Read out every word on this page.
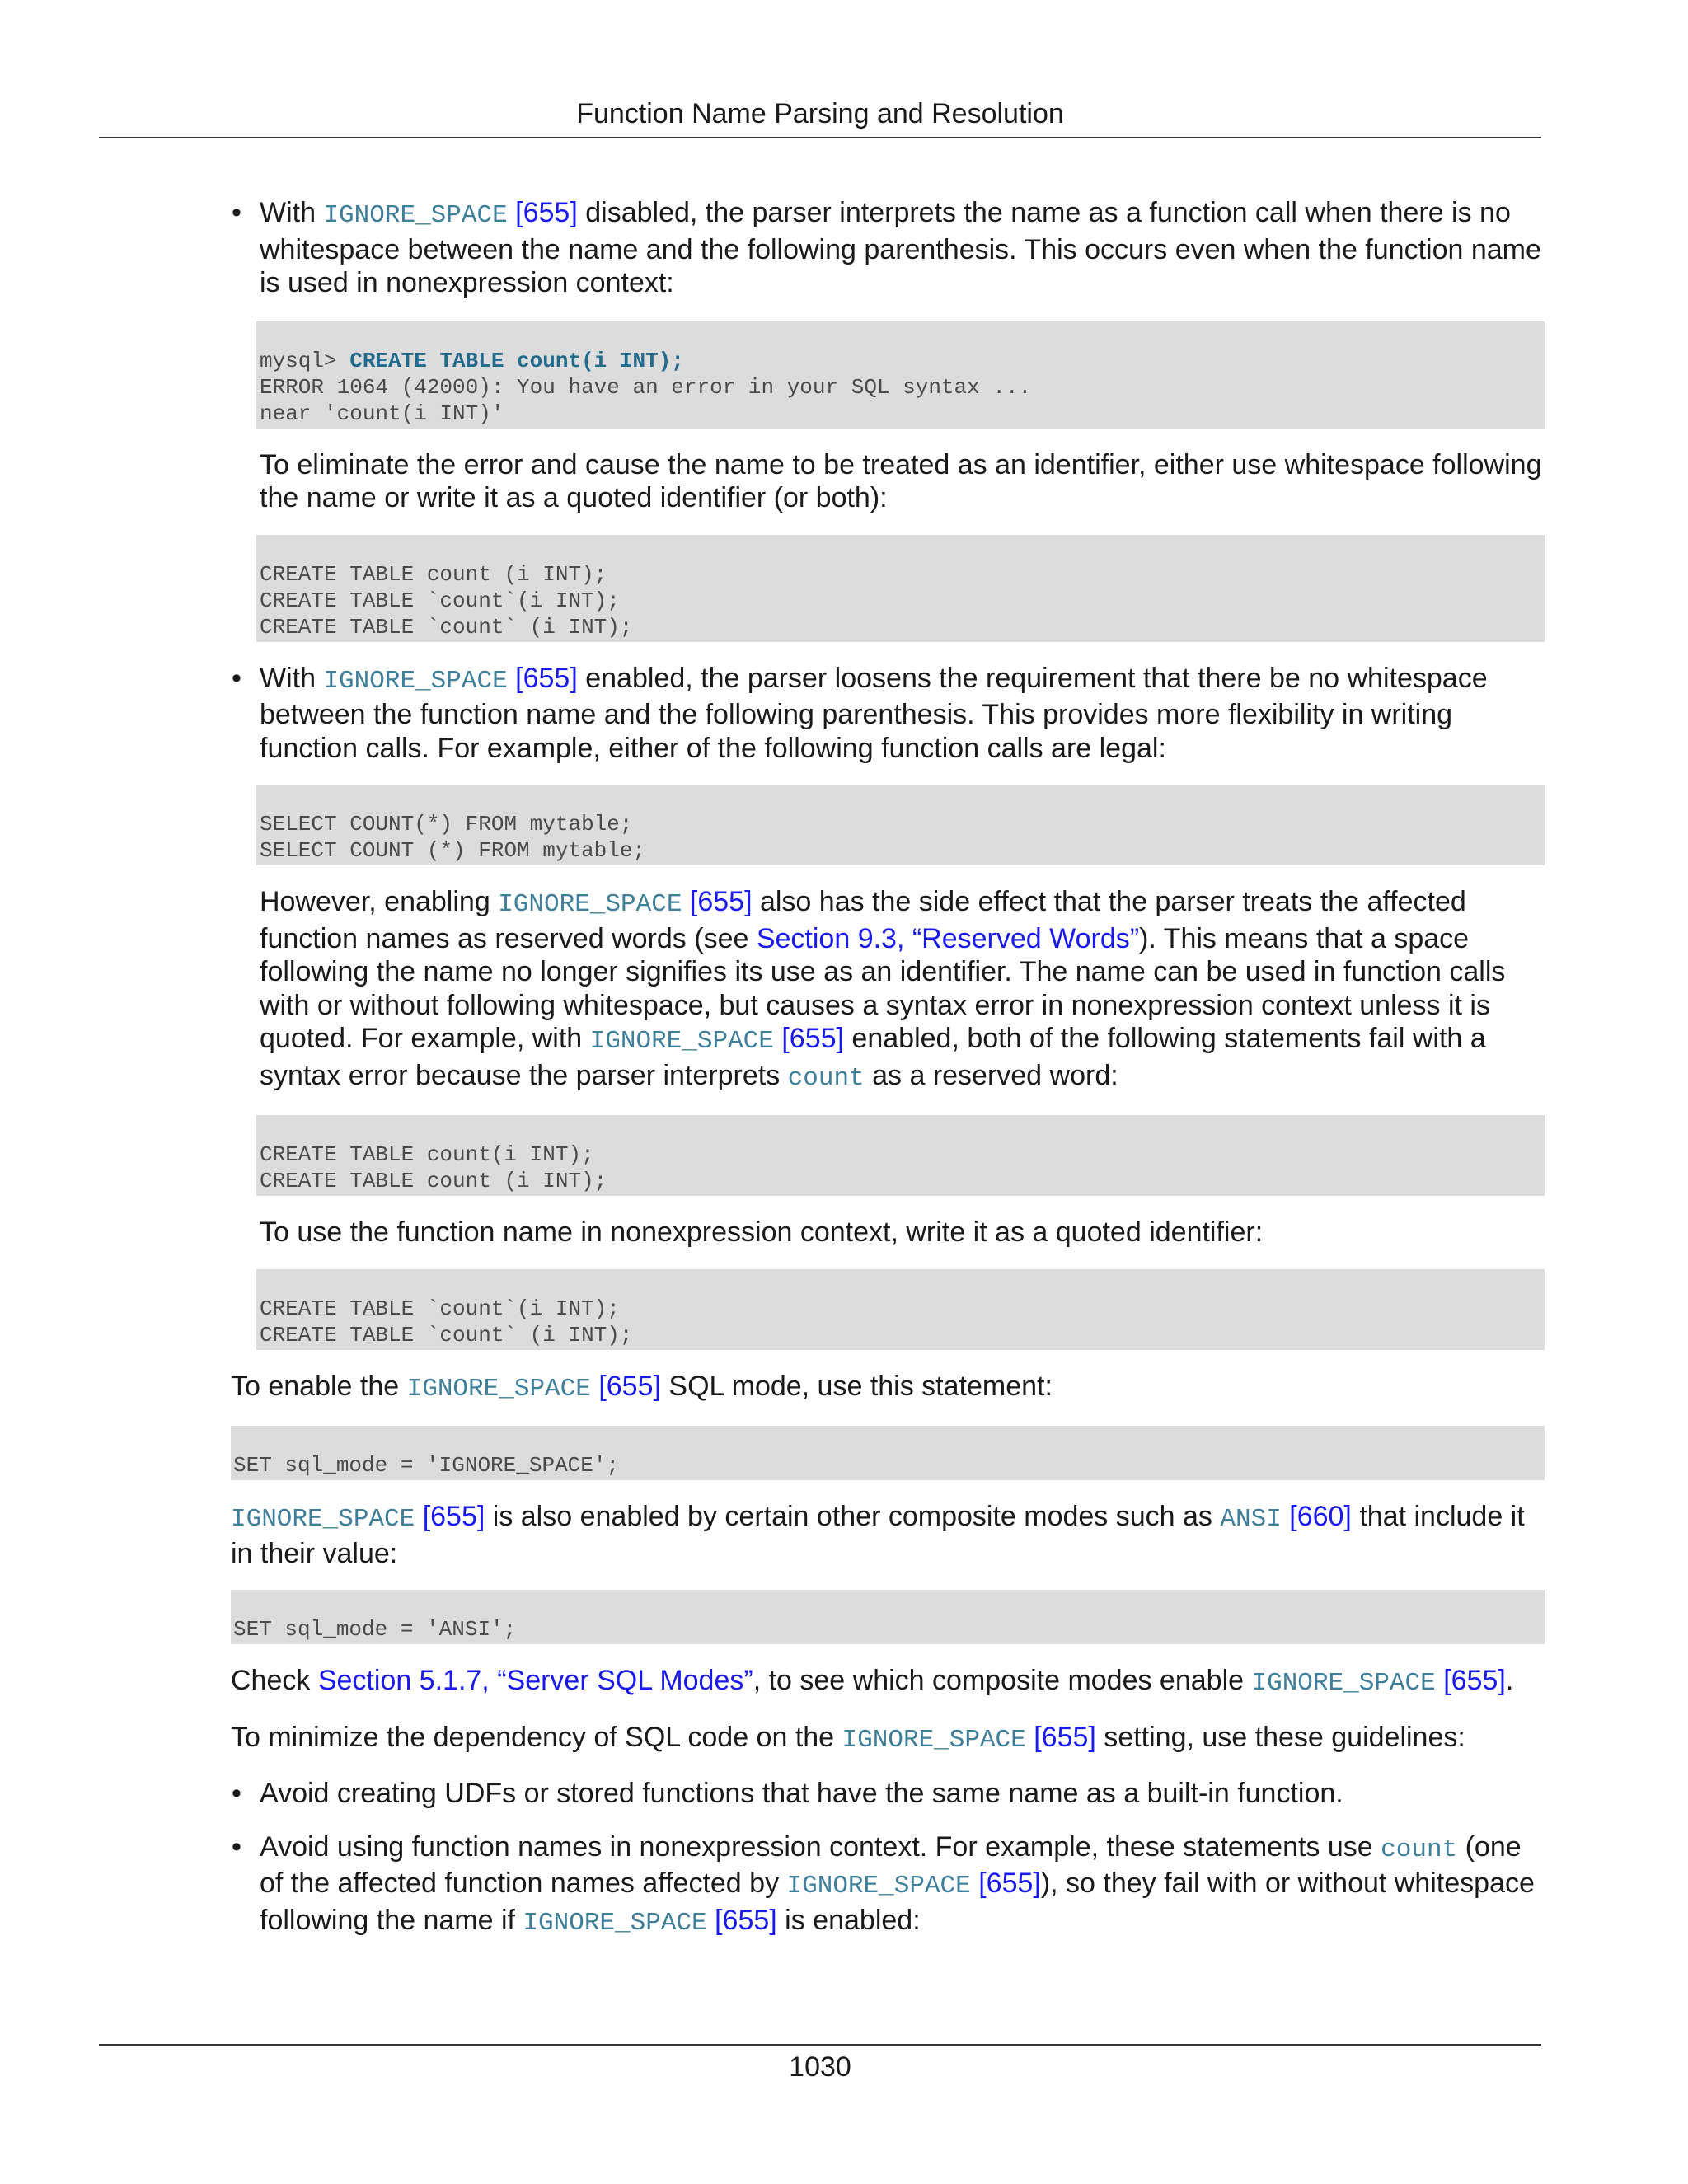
Function Name Parsing and Resolution

• With IGNORE_SPACE [655] disabled, the parser interprets the name as a function call when there is no whitespace between the name and the following parenthesis. This occurs even when the function name is used in nonexpression context:

mysql> CREATE TABLE count(i INT);
ERROR 1064 (42000): You have an error in your SQL syntax ...
near 'count(i INT)'

To eliminate the error and cause the name to be treated as an identifier, either use whitespace following the name or write it as a quoted identifier (or both):

CREATE TABLE count (i INT);
CREATE TABLE `count`(i INT);
CREATE TABLE `count` (i INT);

• With IGNORE_SPACE [655] enabled, the parser loosens the requirement that there be no whitespace between the function name and the following parenthesis. This provides more flexibility in writing function calls. For example, either of the following function calls are legal:

SELECT COUNT(*) FROM mytable;
SELECT COUNT (*) FROM mytable;

However, enabling IGNORE_SPACE [655] also has the side effect that the parser treats the affected function names as reserved words (see Section 9.3, “Reserved Words”). This means that a space following the name no longer signifies its use as an identifier. The name can be used in function calls with or without following whitespace, but causes a syntax error in nonexpression context unless it is quoted. For example, with IGNORE_SPACE [655] enabled, both of the following statements fail with a syntax error because the parser interprets count as a reserved word:

CREATE TABLE count(i INT);
CREATE TABLE count (i INT);

To use the function name in nonexpression context, write it as a quoted identifier:

CREATE TABLE `count`(i INT);
CREATE TABLE `count` (i INT);

To enable the IGNORE_SPACE [655] SQL mode, use this statement:

SET sql_mode = 'IGNORE_SPACE';

IGNORE_SPACE [655] is also enabled by certain other composite modes such as ANSI [660] that include it in their value:

SET sql_mode = 'ANSI';

Check Section 5.1.7, “Server SQL Modes”, to see which composite modes enable IGNORE_SPACE [655].

To minimize the dependency of SQL code on the IGNORE_SPACE [655] setting, use these guidelines:

• Avoid creating UDFs or stored functions that have the same name as a built-in function.

• Avoid using function names in nonexpression context. For example, these statements use count (one of the affected function names affected by IGNORE_SPACE [655]), so they fail with or without whitespace following the name if IGNORE_SPACE [655] is enabled:

1030
